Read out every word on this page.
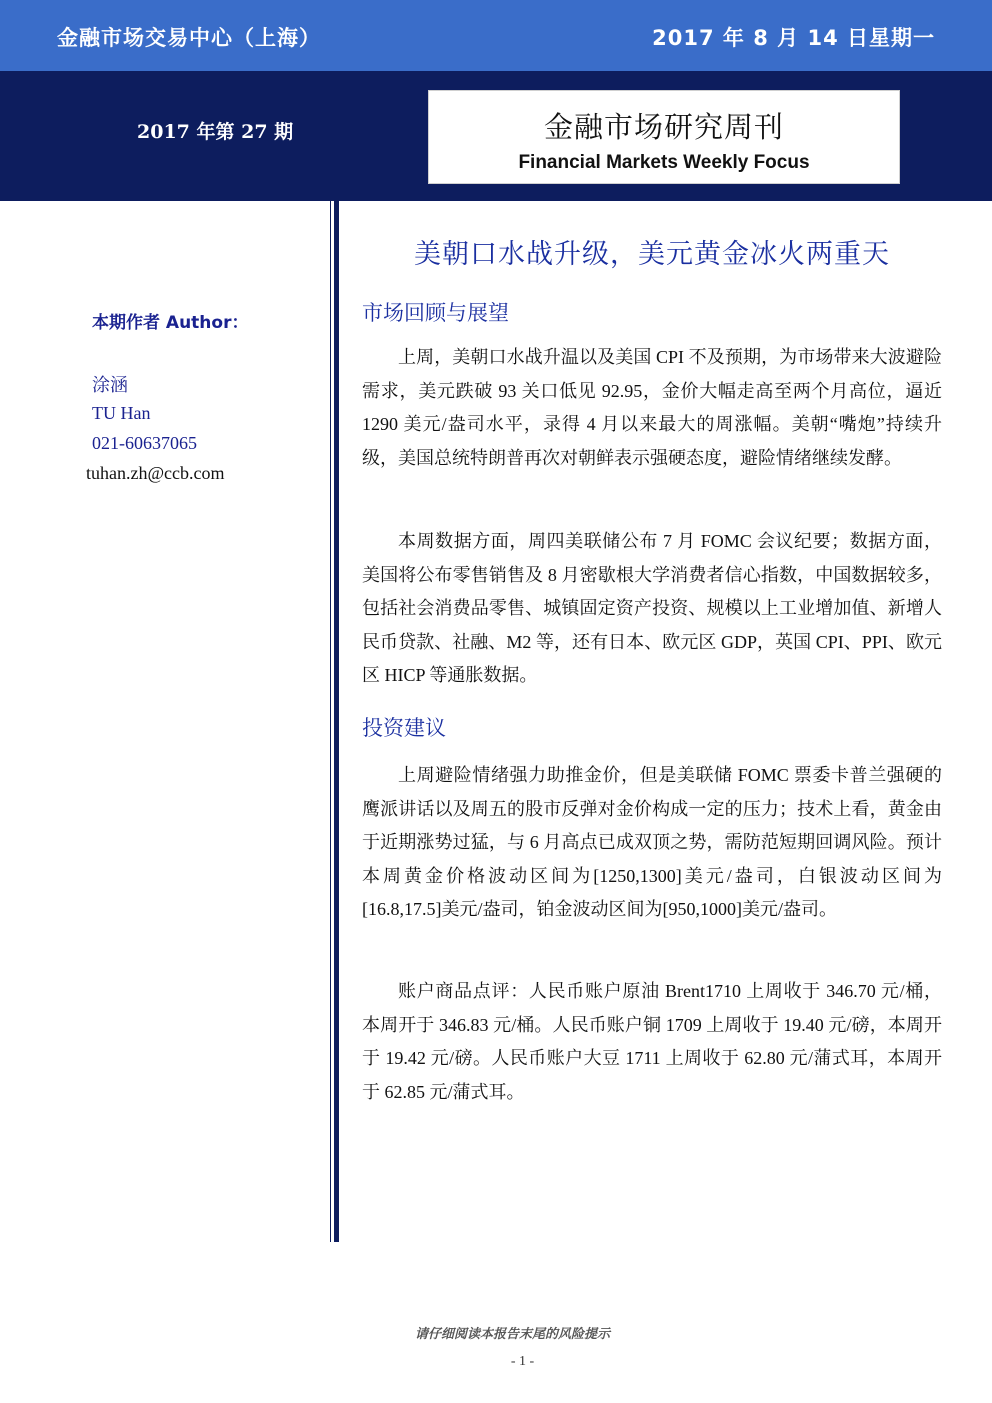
金融市场交易中心（上海）	2017 年 8 月 14 日星期一
2017 年第 27 期	金融市场研究周刊
Financial Markets Weekly Focus
美朝口水战升级，美元黄金冰火两重天
本期作者 Author：
涂涵
TU Han
021-60637065
tuhan.zh@ccb.com
市场回顾与展望

上周，美朝口水战升温以及美国 CPI 不及预期，为市场带来大波避险需求，美元跌破 93 关口低见 92.95，金价大幅走高至两个月高位，逼近 1290 美元/盎司水平，录得 4 月以来最大的周涨幅。美朝“嘴炮”持续升级，美国总统特朗普再次对朝鲜表示强硬态度，避险情绪继续发酵。

本周数据方面，周四美联储公布 7 月 FOMC 会议纪要；数据方面，美国将公布零售销售及 8 月密歇根大学消费者信心指数，中国数据较多，包括社会消费品零售、城镇固定资产投资、规模以上工业增加值、新增人民币贷款、社融、M2 等，还有日本、欧元区 GDP，英国 CPI、PPI、欧元区 HICP 等通胀数据。

投资建议

上周避险情绪强力助推金价，但是美联储 FOMC 票委卡普兰强硬的鹰派讲话以及周五的股市反弹对金价构成一定的压力；技术上看，黄金由于近期涨势过猛，与 6 月高点已成双顶之势，需防范短期回调风险。预计本周黄金价格波动区间为[1250,1300]美元/盎司，白银波动区间为[16.8,17.5]美元/盎司，铂金波动区间为[950,1000]美元/盎司。

账户商品点评：人民币账户原油 Brent1710 上周收于 346.70 元/桶，本周开于 346.83 元/桶。人民币账户铜 1709 上周收于 19.40 元/磅，本周开于 19.42 元/磅。人民币账户大豆 1711 上周收于 62.80 元/蒲式耳，本周开于 62.85 元/蒲式耳。

请仔细阅读本报告末尾的风险提示
- 1 -
